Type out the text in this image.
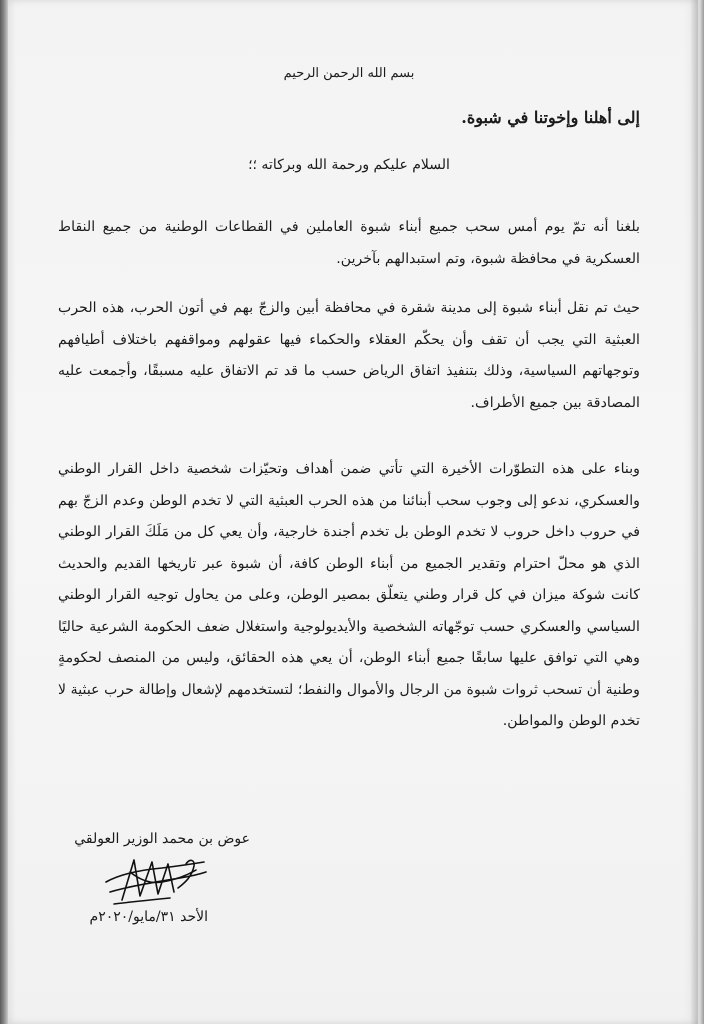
بسم الله الرحمن الرحيم
إلى أهلنا وإخوتنا في شبوة.
السلام عليكم ورحمة الله وبركاته ؛؛

بلغنا أنه تمّ يوم أمس سحب جميع أبناء شبوة العاملين في القطاعات الوطنية من جميع النقاط العسكرية في محافظة شبوة، وتم استبدالهم بآخرين.

حيث تم نقل أبناء شبوة إلى مدينة شقرة في محافظة أبين والزجّ بهم في أتون الحرب، هذه الحرب العبثية التي يجب أن تقف وأن يحكّم العقلاء والحكماء فيها عقولهم ومواقفهم باختلاف أطيافهم وتوجهاتهم السياسية، وذلك بتنفيذ اتفاق الرياض حسب ما قد تم الاتفاق عليه مسبقًا، وأجمعت عليه المصادقة بين جميع الأطراف.

وبناء على هذه التطوّرات الأخيرة التي تأتي ضمن أهداف وتحيّزات شخصية داخل القرار الوطني والعسكري، ندعو إلى وجوب سحب أبنائنا من هذه الحرب العبثية التي لا تخدم الوطن وعدم الزجّ بهم في حروب داخل حروب لا تخدم الوطن بل تخدم أجندة خارجية، وأن يعي كل من مَلَكَ القرار الوطني الذي هو محلّ احترام وتقدير الجميع من أبناء الوطن كافة، أن شبوة عبر تاريخها القديم والحديث كانت شوكة ميزان في كل قرار وطني يتعلّق بمصير الوطن، وعلى من يحاول توجيه القرار الوطني السياسي والعسكري حسب توجّهاته الشخصية والأيديولوجية واستغلال ضعف الحكومة الشرعية حاليًا وهي التي توافق عليها سابقًا جميع أبناء الوطن، أن يعي هذه الحقائق، وليس من المنصف لحكومةٍ وطنية أن تسحب ثروات شبوة من الرجال والأموال والنفط؛ لتستخدمهم لإشعال وإطالة حرب عبثية لا تخدم الوطن والمواطن.

عوض بن محمد الوزير العولقي
الأحد ٣١/مايو/٢٠٢٠م
